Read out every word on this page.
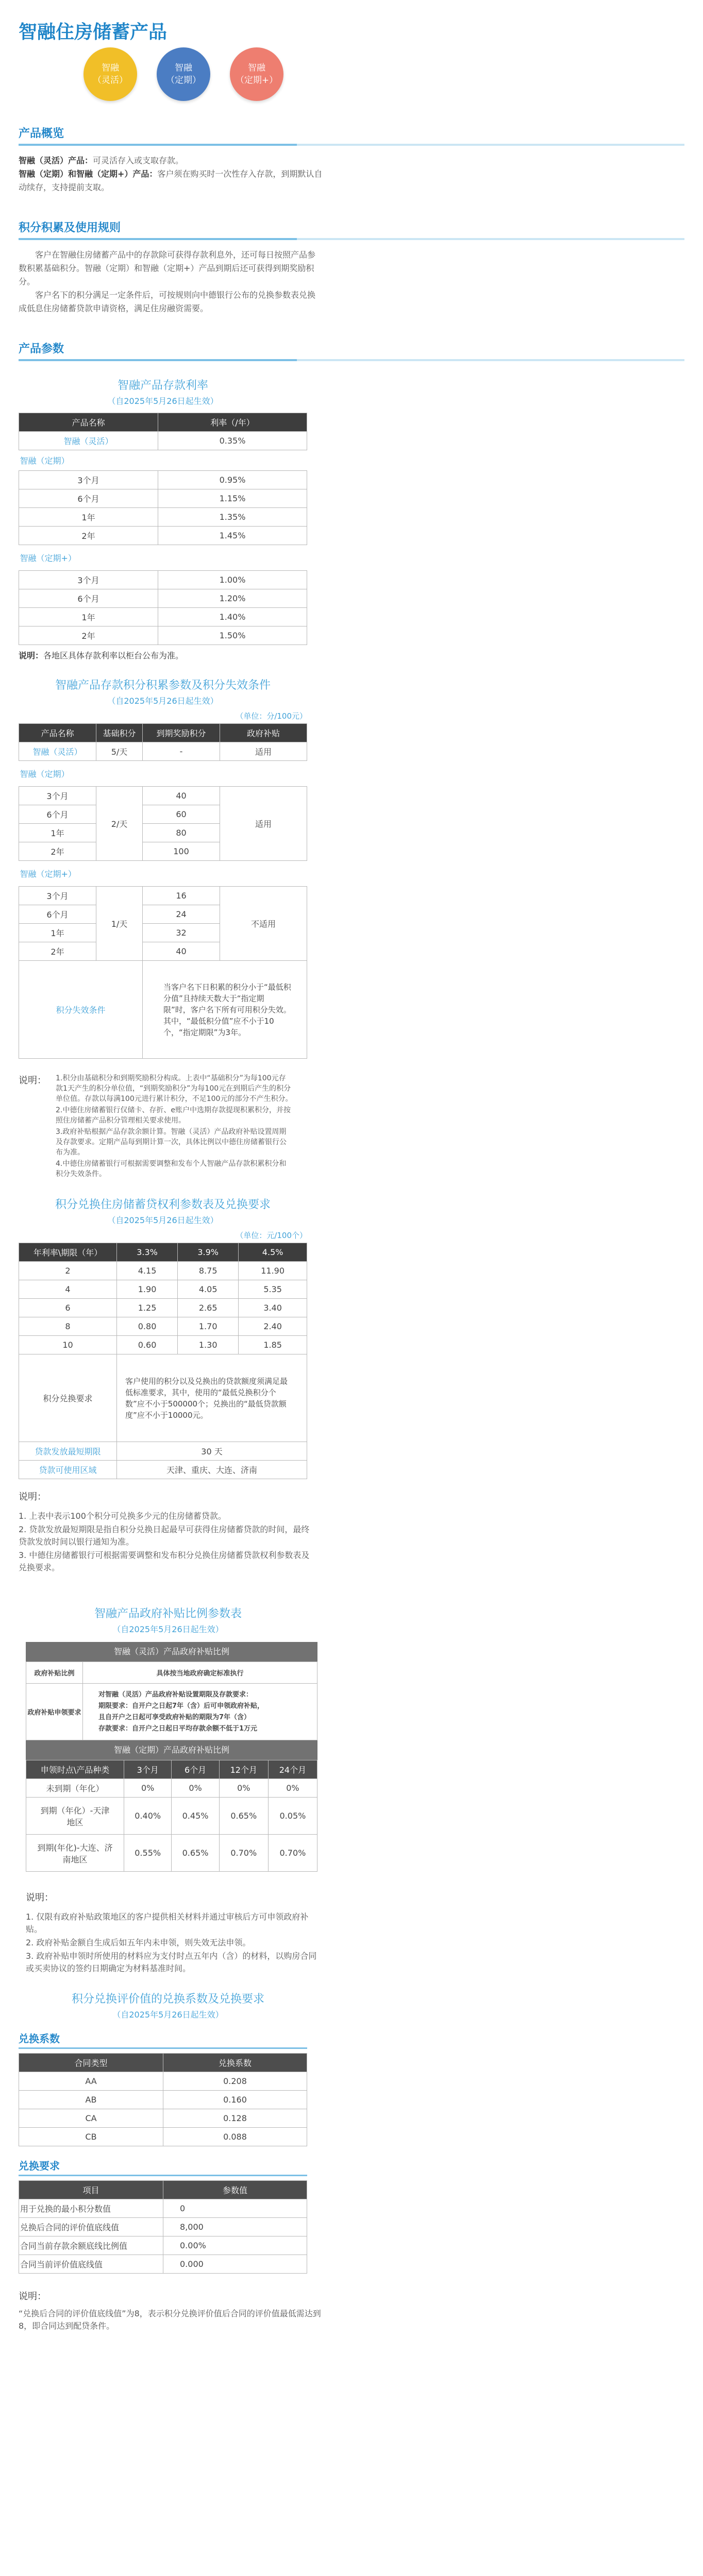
智融住房储蓄产品
智融
（灵活）
智融
（定期）
智融
（定期+）
产品概览
智融（灵活）产品：可灵活存入或支取存款。
智融（定期）和智融（定期+）产品：客户须在购买时一次性存入存款，到期默认自动续存，支持提前支取。
积分积累及使用规则
客户在智融住房储蓄产品中的存款除可获得存款利息外，还可每日按照产品参数积累基础积分。智融（定期）和智融（定期+）产品到期后还可获得到期奖励积分。
客户名下的积分满足一定条件后，可按规则向中德银行公布的兑换参数表兑换成低息住房储蓄贷款申请资格，满足住房融资需要。
产品参数
智融产品存款利率
（自2025年5月26日起生效）
产品名称	利率（/年）
智融（灵活）	0.35%
智融（定期）	
3个月	0.95%
6个月	1.15%
1年	1.35%
2年	1.45%
智融（定期+）	
3个月	1.00%
6个月	1.20%
1年	1.40%
2年	1.50%
说明：各地区具体存款利率以柜台公布为准。
智融产品存款积分积累参数及积分失效条件
（自2025年5月26日起生效）
（单位：分/100元）
产品名称	基础积分	到期奖励积分	政府补贴
智融（灵活）	5/天	-	适用
智融（定期）			
3个月	2/天	40	适用
6个月		60	
1年		80	
2年		100	
智融（定期+）			
3个月	1/天	16	不适用
6个月		24	
1年		32	
2年		40	
积分失效条件		当客户名下日积累的积分小于“最低积分值”且持续天数大于“指定期限”时，客户名下所有可用积分失效。其中，“最低积分值”应不小于10个，“指定期限”为3年。	
说明：	1.积分由基础积分和到期奖励积分构成。上表中“基础积分”为每100元存款1天产生的积分单位值，“到期奖励积分”为每100元在到期后产生的积分单位值。存款以每满100元进行累计积分，不足100元的部分不产生积分。
2.中德住房储蓄银行仅储卡、存折、e账户中选期存款提现积累积分，并按照住房储蓄产品积分管理相关要求使用。
3.政府补贴根据产品存款余额计算。智融（灵活）产品政府补贴设置周期及存款要求。定期产品每到期计算一次，具体比例以中德住房储蓄银行公布为准。
4.中德住房储蓄银行可根据需要调整和发布个人智融产品存款积累积分和积分失效条件。
积分兑换住房储蓄贷权利参数表及兑换要求
（自2025年5月26日起生效）
（单位：元/100个）
年利率\期限（年）	3.3%	3.9%	4.5%
2	4.15	8.75	11.90
4	1.90	4.05	5.35
6	1.25	2.65	3.40
8	0.80	1.70	2.40
10	0.60	1.30	1.85
积分兑换要求	客户使用的积分以及兑换出的贷款额度须满足最低标准要求，其中，使用的“最低兑换积分个数”应不小于500000个；兑换出的“最低贷款额度”应不小于10000元。		
贷款发放最短期限	30 天		
贷款可使用区域	天津、重庆、大连、济南		
说明：
1. 上表中表示100个积分可兑换多少元的住房储蓄贷款。
2. 贷款发放最短期限是指自积分兑换日起最早可获得住房储蓄贷款的时间，最终贷款发放时间以银行通知为准。
3. 中德住房储蓄银行可根据需要调整和发布积分兑换住房储蓄贷款权利参数表及兑换要求。
智融产品政府补贴比例参数表
（自2025年5月26日起生效）
智融（灵活）产品政府补贴比例
政府补贴比例	具体按当地政府确定标准执行
政府补贴申领要求	对智融（灵活）产品政府补贴设置期限及存款要求：
期限要求：自开户之日起7年（含）后可申领政府补贴，
且自开户之日起可享受政府补贴的期限为7年（含）
存款要求：自开户之日起日平均存款余额不低于1万元
智融（定期）产品政府补贴比例
申领时点\产品种类	3个月	6个月	12个月	24个月
未到期（年化）	0%	0%	0%	0%
到期（年化）-天津地区	0.40%	0.45%	0.65%	0.05%
到期(年化)-大连、济南地区	0.55%	0.65%	0.70%	0.70%
说明：
1. 仅限有政府补贴政策地区的客户提供相关材料并通过审核后方可申领政府补贴。
2. 政府补贴金额自生成后如五年内未申领，则失效无法申领。
3. 政府补贴申领时所使用的材料应为支付时点五年内（含）的材料，以购房合同或买卖协议的签约日期确定为材料基准时间。
积分兑换评价值的兑换系数及兑换要求
（自2025年5月26日起生效）
兑换系数
合同类型	兑换系数
AA	0.208
AB	0.160
CA	0.128
CB	0.088
兑换要求
项目	参数值
用于兑换的最小积分数值	0
兑换后合同的评价值底线值	8,000
合同当前存款余额底线比例值	0.00%
合同当前评价值底线值	0.000
说明：
“兑换后合同的评价值底线值”为8，表示积分兑换评价值后合同的评价值最低需达到8，即合同达到配贷条件。
